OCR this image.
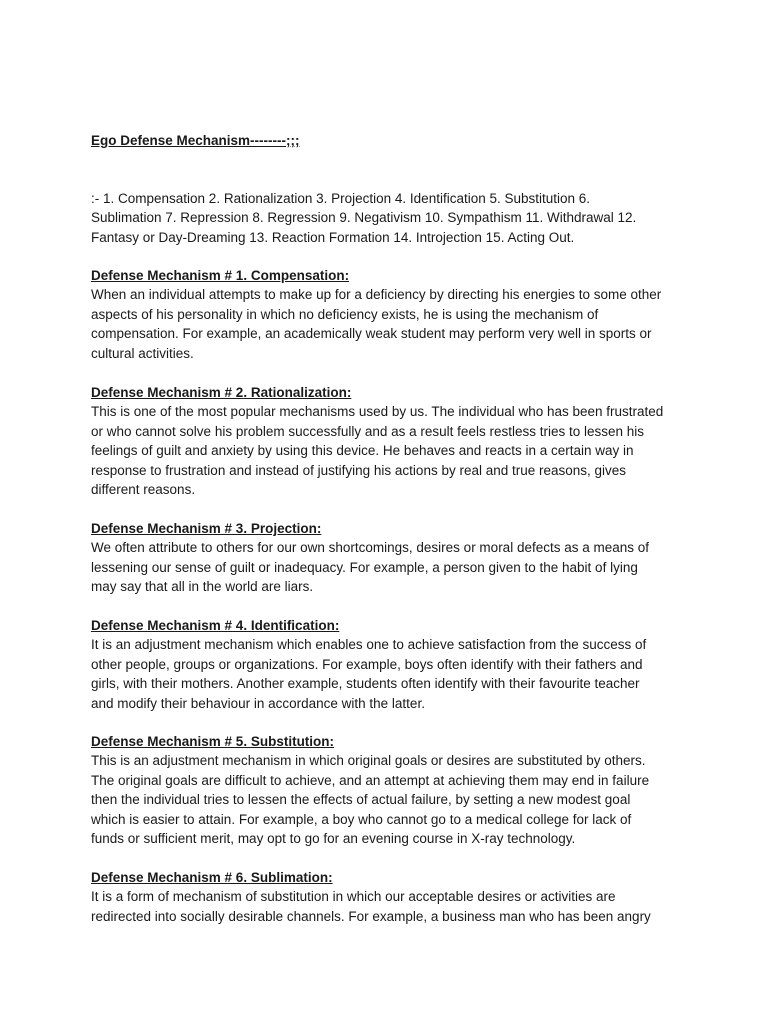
Ego Defense Mechanism--------;;;

:- 1. Compensation 2. Rationalization 3. Projection 4. Identification 5. Substitution 6. Sublimation 7. Repression 8. Regression 9. Negativism 10. Sympathism 11. Withdrawal 12. Fantasy or Day-Dreaming 13. Reaction Formation 14. Introjection 15. Acting Out.

Defense Mechanism # 1. Compensation:

When an individual attempts to make up for a deficiency by directing his energies to some other
aspects of his personality in which no deficiency exists, he is using the mechanism of
compensation. For example, an academically weak student may perform very well in sports or
cultural activities.

Defense Mechanism # 2. Rationalization:

This is one of the most popular mechanisms used by us. The individual who has been frustrated
or who cannot solve his problem successfully and as a result feels restless tries to lessen his
feelings of guilt and anxiety by using this device. He behaves and reacts in a certain way in
response to frustration and instead of justifying his actions by real and true reasons, gives
different reasons.

Defense Mechanism # 3. Projection:

We often attribute to others for our own shortcomings, desires or moral defects as a means of
lessening our sense of guilt or inadequacy. For example, a person given to the habit of lying
may say that all in the world are liars.

Defense Mechanism # 4. Identification:

It is an adjustment mechanism which enables one to achieve satisfaction from the success of
other people, groups or organizations. For example, boys often identify with their fathers and
girls, with their mothers. Another example, students often identify with their favourite teacher
and modify their behaviour in accordance with the latter.

Defense Mechanism # 5. Substitution:

This is an adjustment mechanism in which original goals or desires are substituted by others.
The original goals are difficult to achieve, and an attempt at achieving them may end in failure
then the individual tries to lessen the effects of actual failure, by setting a new modest goal
which is easier to attain. For example, a boy who cannot go to a medical college for lack of
funds or sufficient merit, may opt to go for an evening course in X-ray technology.

Defense Mechanism # 6. Sublimation:

It is a form of mechanism of substitution in which our acceptable desires or activities are
redirected into socially desirable channels. For example, a business man who has been angry
